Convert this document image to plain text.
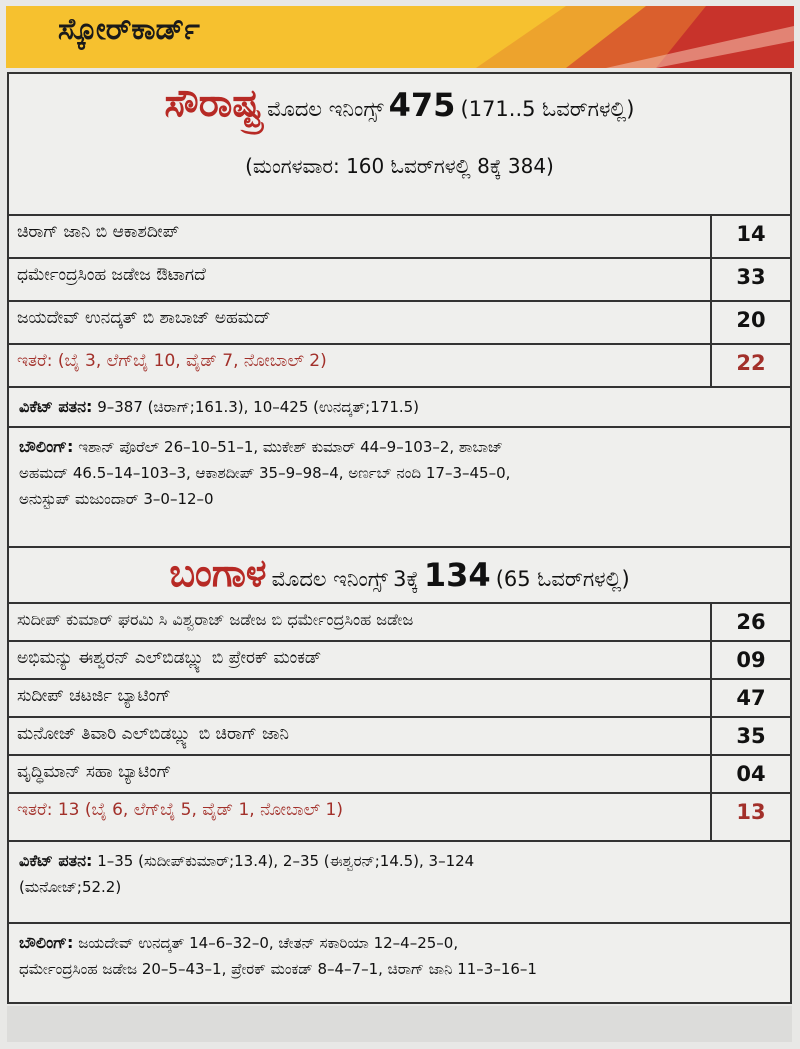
ಸ್ಕೋರ್‌ಕಾರ್ಡ್
ಸೌರಾಷ್ಟ್ರ ಮೊದಲ ಇನಿಂಗ್ಸ್ 475 (171..5 ಓವರ್‌ಗಳಲ್ಲಿ)
(ಮಂಗಳವಾರ: 160 ಓವರ್‌ಗಳಲ್ಲಿ 8ಕ್ಕೆ 384)
ಚಿರಾಗ್ ಜಾನಿ ಬಿ ಆಕಾಶದೀಪ್	14
ಧರ್ಮೇಂದ್ರಸಿಂಹ ಜಡೇಜ ಔಟಾಗದೆ	33
ಜಯದೇವ್ ಉನದ್ಕತ್ ಬಿ ಶಾಬಾಜ್ ಅಹಮದ್	20
ಇತರೆ: (ಬೈ 3, ಲೆಗ್‌ಬೈ 10, ವೈಡ್ 7, ನೋಬಾಲ್ 2)	22
ವಿಕೆಟ್ ಪತನ: 9–387 (ಚಿರಾಗ್;161.3), 10–425 (ಉನದ್ಕತ್;171.5)
ಬೌಲಿಂಗ್: ಇಶಾನ್ ಪೊರೆಲ್ 26–10–51–1, ಮುಕೇಶ್ ಕುಮಾರ್ 44–9–103–2, ಶಾಬಾಜ್
ಅಹಮದ್ 46.5–14–103–3, ಆಕಾಶದೀಪ್ 35–9–98–4, ಅರ್ಣಬ್ ನಂದಿ 17–3–45–0,
ಅನುಸ್ಟುಪ್ ಮಜುಂದಾರ್ 3–0–12–0
ಬಂಗಾಳ ಮೊದಲ ಇನಿಂಗ್ಸ್ 3ಕ್ಕೆ 134 (65 ಓವರ್‌ಗಳಲ್ಲಿ)
ಸುದೀಪ್ ಕುಮಾರ್ ಘರಮಿ ಸಿ ವಿಶ್ವರಾಜ್ ಜಡೇಜ ಬಿ ಧರ್ಮೇಂದ್ರಸಿಂಹ ಜಡೇಜ	26
ಅಭಿಮನ್ಯು ಈಶ್ವರನ್ ಎಲ್‌ಬಿಡಬ್ಲ್ಯು ಬಿ ಪ್ರೇರಕ್ ಮಂಕಡ್	09
ಸುದೀಪ್ ಚಟರ್ಜಿ ಬ್ಯಾಟಿಂಗ್	47
ಮನೋಜ್ ತಿವಾರಿ ಎಲ್‌ಬಿಡಬ್ಲ್ಯು ಬಿ ಚಿರಾಗ್ ಜಾನಿ	35
ವೃದ್ಧಿಮಾನ್ ಸಹಾ ಬ್ಯಾಟಿಂಗ್	04
ಇತರೆ: 13 (ಬೈ 6, ಲೆಗ್‌ಬೈ 5, ವೈಡ್ 1, ನೋಬಾಲ್ 1)	13
ವಿಕೆಟ್ ಪತನ: 1–35 (ಸುದೀಪ್‌ಕುಮಾರ್;13.4), 2–35 (ಈಶ್ವರನ್;14.5), 3–124
(ಮನೋಜ್;52.2)
ಬೌಲಿಂಗ್: ಜಯದೇವ್ ಉನದ್ಕತ್ 14–6–32–0, ಚೇತನ್ ಸಕಾರಿಯಾ 12–4–25–0,
ಧರ್ಮೇಂದ್ರಸಿಂಹ ಜಡೇಜ 20–5–43–1, ಪ್ರೇರಕ್ ಮಂಕಡ್ 8–4–7–1, ಚಿರಾಗ್ ಜಾನಿ 11–3–16–1
